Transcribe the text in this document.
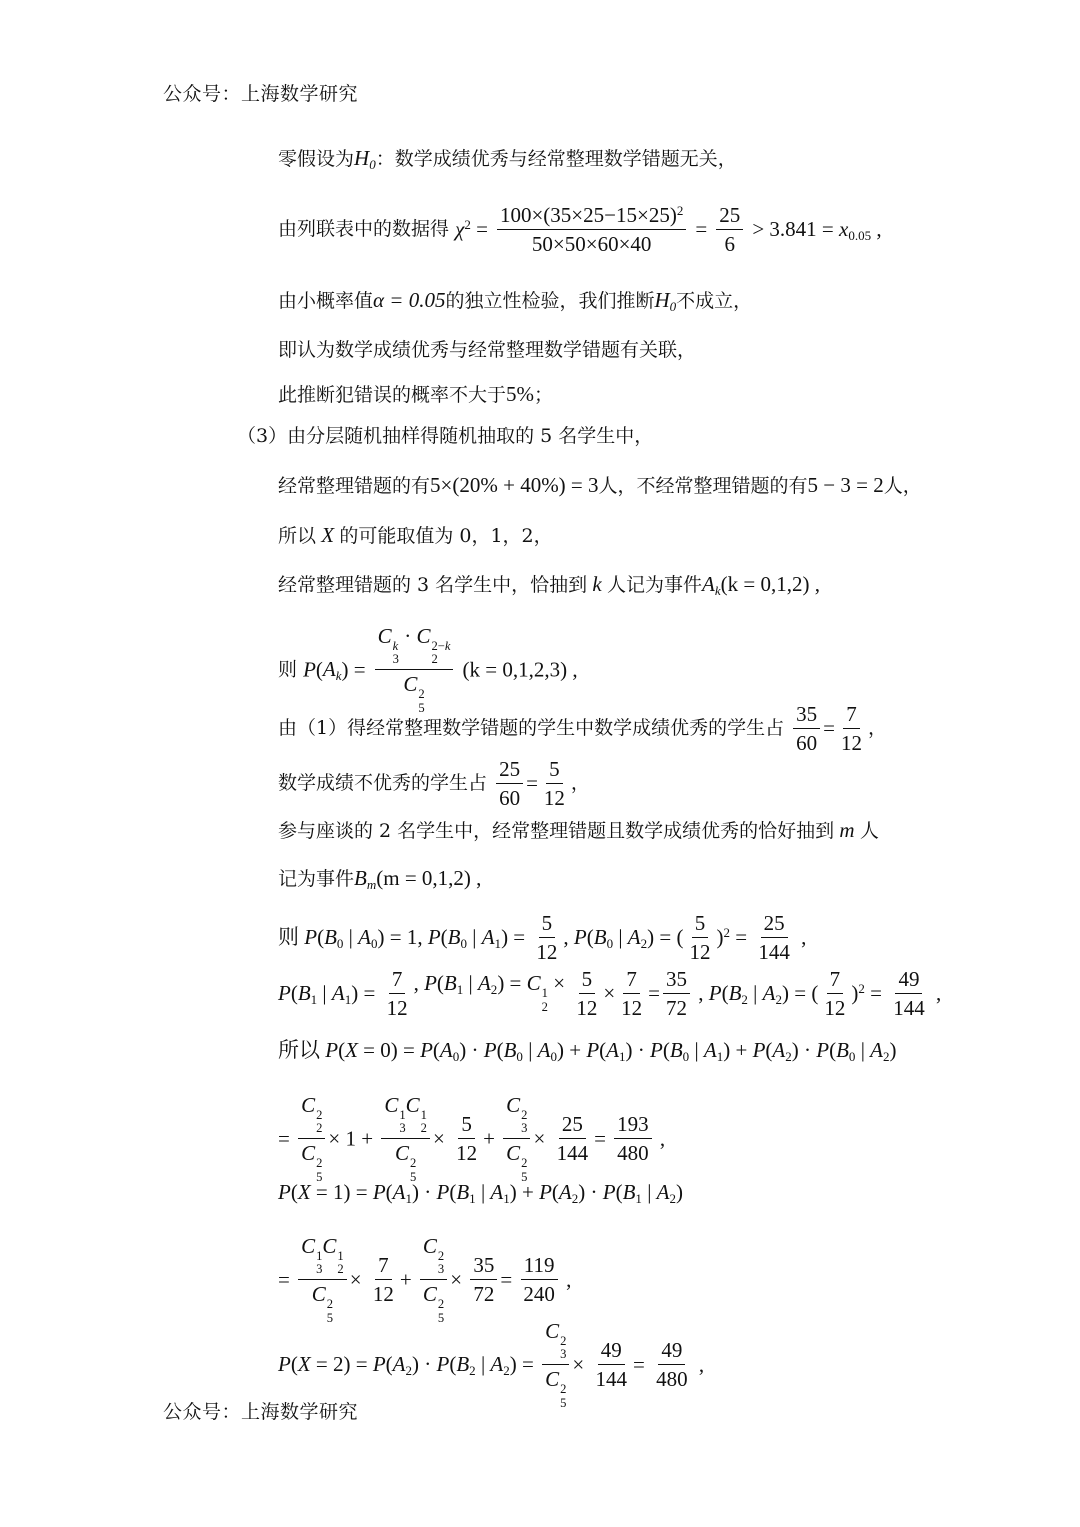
公众号：上海数学研究
公众号：上海数学研究
零假设为$H_0$：数学成绩优秀与经常整理数学错题无关，
由列联表中的数据得 $\chi^2 = \frac{100\times(35\times 25-15\times 25)^2}{50\times 50\times 60\times 40} = \frac{25}{6} > 3.841 = x_{0.05}$ ,
由小概率值α = 0.05的独立性检验，我们推断$H_0$不成立，
即认为数学成绩优秀与经常整理数学错题有关联，
此推断犯错误的概率不大于5%；
（3）由分层随机抽样得随机抽取的 5 名学生中，
经常整理错题的有5×(20% + 40%) = 3人，不经常整理错题的有5 − 3 = 2人，
所以 X 的可能取值为 0，1，2，
经常整理错题的 3 名学生中，恰抽到 k 人记为事件$A_k(k = 0,1,2)$ ,
则 $P(A_k) = C$ k
3
· C 2−k
2
C 2
5 (k = 0,1,2,3) ,
由（1）得经常整理数学错题的学生中数学成绩优秀的学生占 $\frac{35}{60} = \frac{7}{12}$ ，
数学成绩不优秀的学生占 $\frac{25}{60} = \frac{5}{12}$ ，
参与座谈的 2 名学生中，经常整理错题且数学成绩优秀的恰好抽到 m 人
记为事件$B_m(m = 0,1,2)$ ,
则 $P(B_0$ | $A_0) = 1$, $P(B_0$ | $A_1) = \frac{5}{12}$ , $P(B_0$ | $A_2$) = ( $\frac{5}{12} )^2 = \frac{25}{144}$ ,
$P(B_1$ | $A_1) = \frac{7}{12}$ , $P(B_1$ | $A_2) = C$ 1
2
× $\frac{5}{12} \times \frac{7}{12} = \frac{35}{72}$ , $P(B_2$ | $A_2$) = ( $\frac{7}{12} )^2 = \frac{49}{144}$ ,
所以 $P(X = 0) = P(A_0) \cdot P(B_0$ | $A_0) + P(A_1) \cdot P(B_0$ | $A_1) + P(A_2) \cdot P(B_0$ | $A_2$)
= C 2
2
C 2
5 × 1 + C 1
3
C 1
2
C 2
$5 \times \frac{5}{12} + C$ 2
3
C 2
$5 \times \frac{25}{144} = \frac{193}{480}$ ,
$P(X = 1) = P(A_1) \cdot P(B_1$ | $A_1) + P(A_2) \cdot P(B_1$ | $A_2$)
= C 1
3
C 1
2
C 2
$5 \times \frac{7}{12} + C$ 2
3
C 2
$5 \times \frac{35}{72} = \frac{119}{240}$ ,
$P(X = 2) = P(A_2) \cdot P(B_2$ | $A_2) = C$ 2
3
C 2
$5 \times \frac{49}{144} = \frac{49}{480}$ ,
